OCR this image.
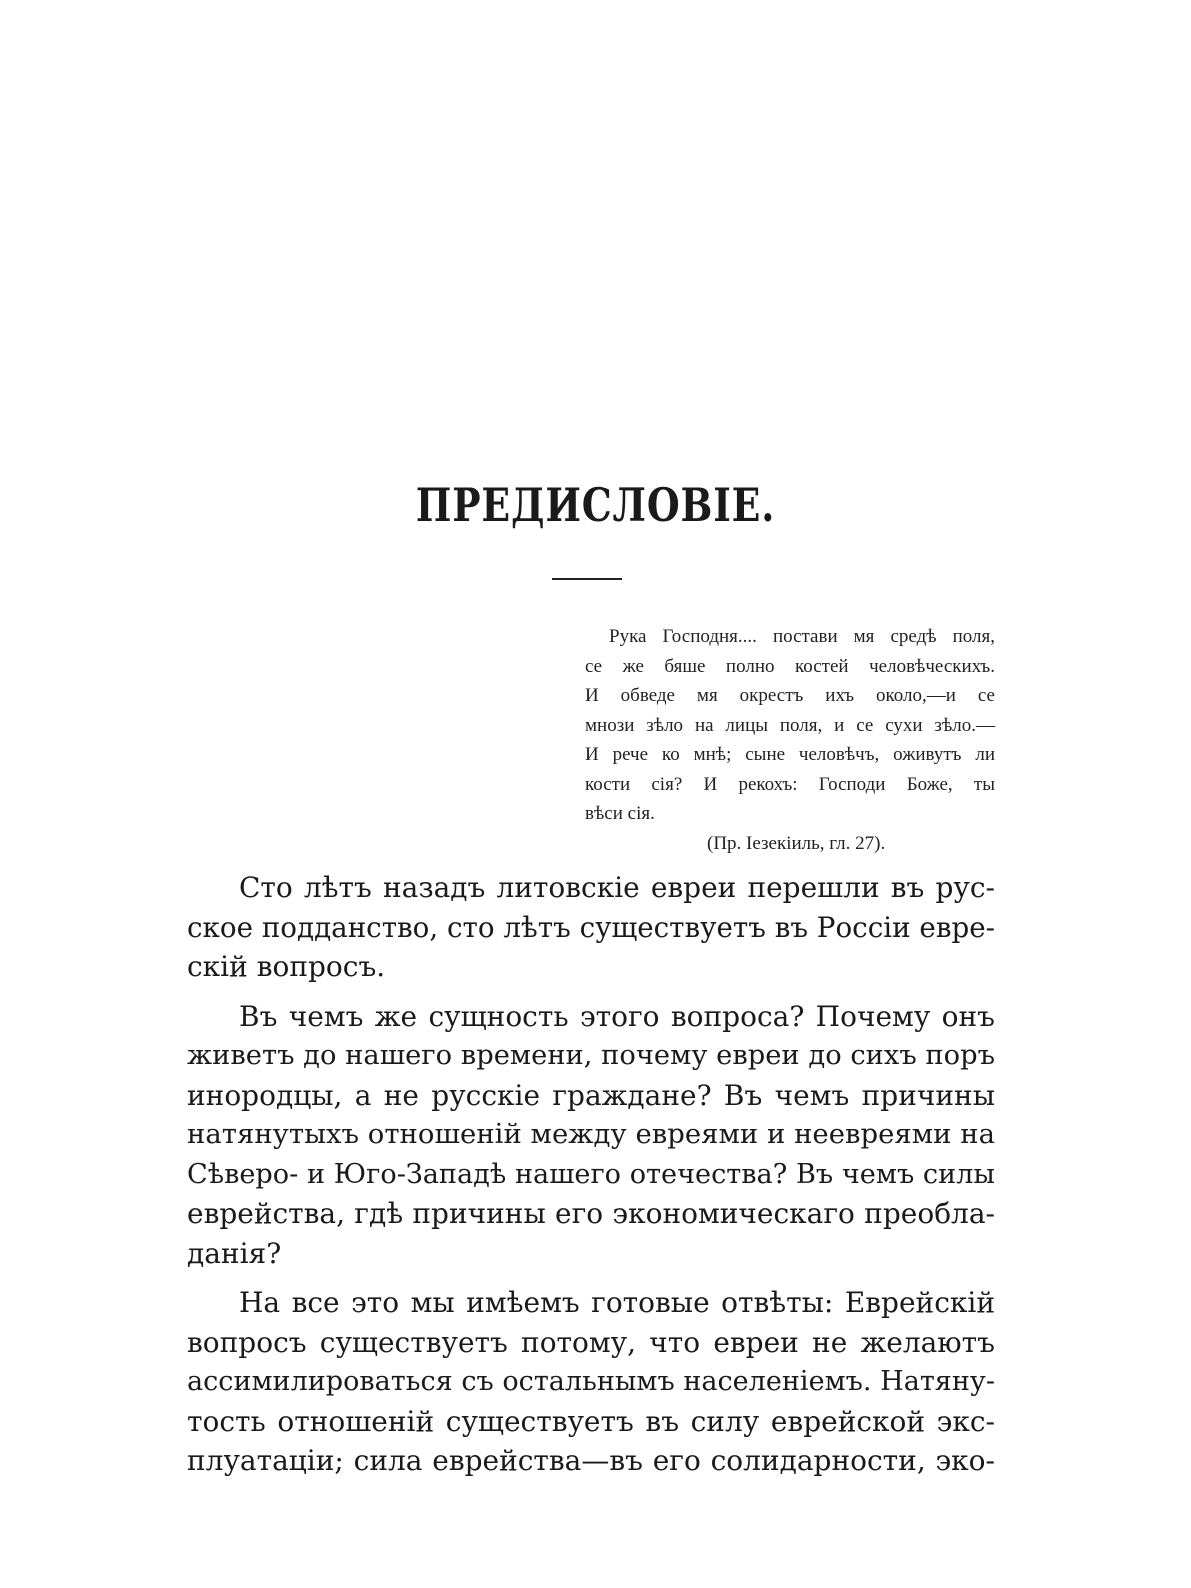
ПРЕДИСЛОВІЕ.
Рука Господня.... постави мя средѣ поля,
се же бяше полно костей человѣческихъ.
И обведе мя окрестъ ихъ около,—и се
мнози зѣло на лицы поля, и се сухи зѣло.—
И рече ко мнѣ; сыне человѣчъ, оживутъ ли
кости сія? И рекохъ: Господи Боже, ты
вѣси сія.
(Пр. Іезекіиль, гл. 27).
Сто лѣтъ назадъ литовскіе евреи перешли въ рус-
ское подданство, сто лѣтъ существуетъ въ Россіи евре-
скій вопросъ.
Въ чемъ же сущность этого вопроса? Почему онъ
живетъ до нашего времени, почему евреи до сихъ поръ
инородцы, а не русскіе граждане? Въ чемъ причины
натянутыхъ отношеній между евреями и неевреями на
Сѣверо- и Юго-Западѣ нашего отечества? Въ чемъ силы
еврейства, гдѣ причины его экономическаго преобла-
данія?
На все это мы имѣемъ готовые отвѣты: Еврейскій
вопросъ существуетъ потому, что евреи не желаютъ
ассимилироваться съ остальнымъ населеніемъ. Натяну-
тость отношеній существуетъ въ силу еврейской экс-
плуатаціи; сила еврейства—въ его солидарности, эко-
